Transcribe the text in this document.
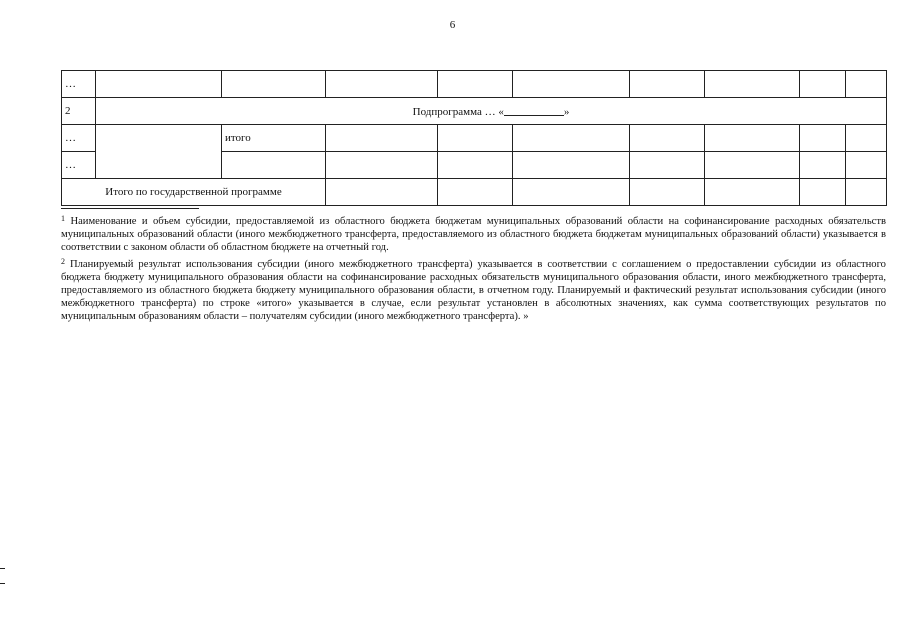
6
…									
2	Подпрограмма … « »								
…		итого							
…									
Итого по государственной программе									

$^1$ Наименование и объем субсидии, предоставляемой из областного бюджета бюджетам муниципальных образований области на софинансирование расходных обязательств муниципальных образований области (иного межбюджетного трансферта, предоставляемого из областного бюджета бюджетам муниципальных образований области) указывается в соответствии с законом области об областном бюджете на отчетный год.

$^2$ Планируемый результат использования субсидии (иного межбюджетного трансферта) указывается в соответствии с соглашением о предоставлении субсидии из областного бюджета бюджету муниципального образования области на софинансирование расходных обязательств муниципального образования области, иного межбюджетного трансферта, предоставляемого из областного бюджета бюджету муниципального образования области, в отчетном году. Планируемый и фактический результат использования субсидии (иного межбюджетного трансферта) по строке «итого» указывается в случае, если результат установлен в абсолютных значениях, как сумма соответствующих результатов по муниципальным образованиям области – получателям субсидии (иного межбюджетного трансферта). »
